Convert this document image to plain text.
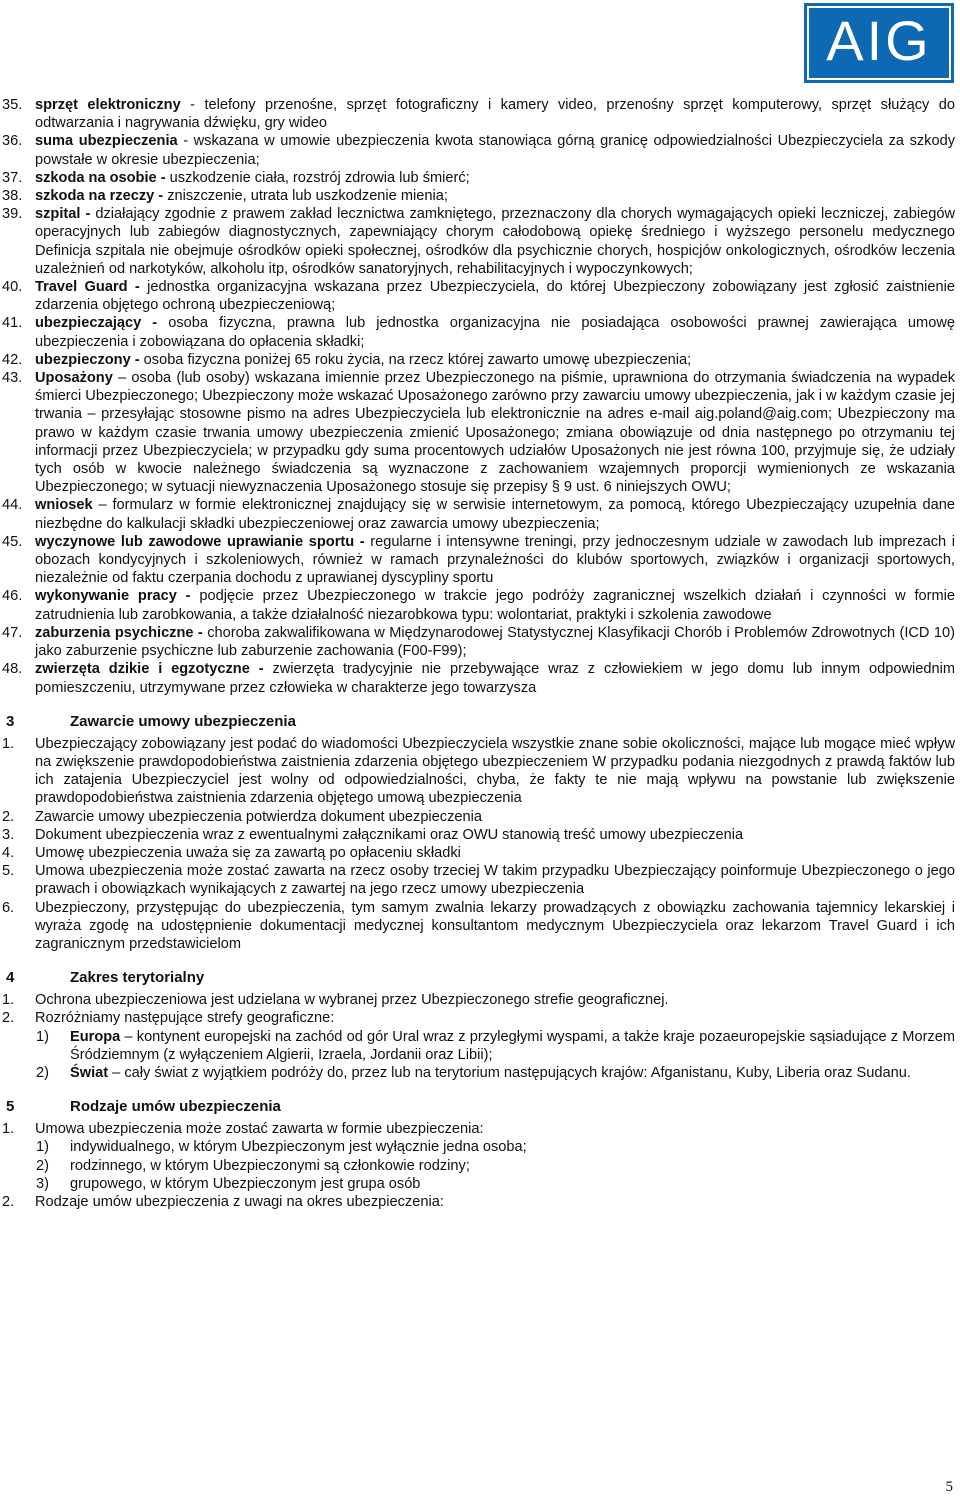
AIG
35. sprzęt elektroniczny - telefony przenośne, sprzęt fotograficzny i kamery video, przenośny sprzęt komputerowy, sprzęt służący do odtwarzania i nagrywania dźwięku, gry wideo
36. suma ubezpieczenia - wskazana w umowie ubezpieczenia kwota stanowiąca górną granicę odpowiedzialności Ubezpieczyciela za szkody powstałe w okresie ubezpieczenia;
37. szkoda na osobie - uszkodzenie ciała, rozstrój zdrowia lub śmierć;
38. szkoda na rzeczy - zniszczenie, utrata lub uszkodzenie mienia;
39. szpital - działający zgodnie z prawem zakład lecznictwa zamkniętego, przeznaczony dla chorych wymagających opieki leczniczej, zabiegów operacyjnych lub zabiegów diagnostycznych, zapewniający chorym całodobową opiekę średniego i wyższego personelu medycznego Definicja szpitala nie obejmuje ośrodków opieki społecznej, ośrodków dla psychicznie chorych, hospicjów onkologicznych, ośrodków leczenia uzależnień od narkotyków, alkoholu itp, ośrodków sanatoryjnych, rehabilitacyjnych i wypoczynkowych;
40. Travel Guard - jednostka organizacyjna wskazana przez Ubezpieczyciela, do której Ubezpieczony zobowiązany jest zgłosić zaistnienie zdarzenia objętego ochroną ubezpieczeniową;
41. ubezpieczający - osoba fizyczna, prawna lub jednostka organizacyjna nie posiadająca osobowości prawnej zawierająca umowę ubezpieczenia i zobowiązana do opłacenia składki;
42. ubezpieczony - osoba fizyczna poniżej 65 roku życia, na rzecz której zawarto umowę ubezpieczenia;
43. Uposażony – osoba (lub osoby) wskazana imiennie przez Ubezpieczonego na piśmie, uprawniona do otrzymania świadczenia na wypadek śmierci Ubezpieczonego; Ubezpieczony może wskazać Uposażonego zarówno przy zawarciu umowy ubezpieczenia, jak i w każdym czasie jej trwania – przesyłając stosowne pismo na adres Ubezpieczyciela lub elektronicznie na adres e-mail aig.poland@aig.com; Ubezpieczony ma prawo w każdym czasie trwania umowy ubezpieczenia zmienić Uposażonego; zmiana obowiązuje od dnia następnego po otrzymaniu tej informacji przez Ubezpieczyciela; w przypadku gdy suma procentowych udziałów Uposażonych nie jest równa 100, przyjmuje się, że udziały tych osób w kwocie należnego świadczenia są wyznaczone z zachowaniem wzajemnych proporcji wymienionych ze wskazania Ubezpieczonego; w sytuacji niewyznaczenia Uposażonego stosuje się przepisy § 9 ust. 6 niniejszych OWU;
44. wniosek – formularz w formie elektronicznej znajdujący się w serwisie internetowym, za pomocą, którego Ubezpieczający uzupełnia dane niezbędne do kalkulacji składki ubezpieczeniowej oraz zawarcia umowy ubezpieczenia;
45. wyczynowe lub zawodowe uprawianie sportu - regularne i intensywne treningi, przy jednoczesnym udziale w zawodach lub imprezach i obozach kondycyjnych i szkoleniowych, również w ramach przynależności do klubów sportowych, związków i organizacji sportowych, niezależnie od faktu czerpania dochodu z uprawianej dyscypliny sportu
46. wykonywanie pracy - podjęcie przez Ubezpieczonego w trakcie jego podróży zagranicznej wszelkich działań i czynności w formie zatrudnienia lub zarobkowania, a także działalność niezarobkowa typu: wolontariat, praktyki i szkolenia zawodowe
47. zaburzenia psychiczne - choroba zakwalifikowana w Międzynarodowej Statystycznej Klasyfikacji Chorób i Problemów Zdrowotnych (ICD 10) jako zaburzenie psychiczne lub zaburzenie zachowania (F00-F99);
48. zwierzęta dzikie i egzotyczne - zwierzęta tradycyjnie nie przebywające wraz z człowiekiem w jego domu lub innym odpowiednim pomieszczeniu, utrzymywane przez człowieka w charakterze jego towarzysza
3	Zawarcie umowy ubezpieczenia
1. Ubezpieczający zobowiązany jest podać do wiadomości Ubezpieczyciela wszystkie znane sobie okoliczności, mające lub mogące mieć wpływ na zwiększenie prawdopodobieństwa zaistnienia zdarzenia objętego ubezpieczeniem W przypadku podania niezgodnych z prawdą faktów lub ich zatajenia Ubezpieczyciel jest wolny od odpowiedzialności, chyba, że fakty te nie mają wpływu na powstanie lub zwiększenie prawdopodobieństwa zaistnienia zdarzenia objętego umową ubezpieczenia
2. Zawarcie umowy ubezpieczenia potwierdza dokument ubezpieczenia
3. Dokument ubezpieczenia wraz z ewentualnymi załącznikami oraz OWU stanowią treść umowy ubezpieczenia
4. Umowę ubezpieczenia uważa się za zawartą po opłaceniu składki
5. Umowa ubezpieczenia może zostać zawarta na rzecz osoby trzeciej W takim przypadku Ubezpieczający poinformuje Ubezpieczonego o jego prawach i obowiązkach wynikających z zawartej na jego rzecz umowy ubezpieczenia
6. Ubezpieczony, przystępując do ubezpieczenia, tym samym zwalnia lekarzy prowadzących z obowiązku zachowania tajemnicy lekarskiej i wyraża zgodę na udostępnienie dokumentacji medycznej konsultantom medycznym Ubezpieczyciela oraz lekarzom Travel Guard i ich zagranicznym przedstawicielom
4	Zakres terytorialny
1. Ochrona ubezpieczeniowa jest udzielana w wybranej przez Ubezpieczonego strefie geograficznej.
2. Rozróżniamy następujące strefy geograficzne:
1) Europa – kontynent europejski na zachód od gór Ural wraz z przyległymi wyspami, a także kraje pozaeuropejskie sąsiadujące z Morzem Śródziemnym (z wyłączeniem Algierii, Izraela, Jordanii oraz Libii);
2) Świat – cały świat z wyjątkiem podróży do, przez lub na terytorium następujących krajów: Afganistanu, Kuby, Liberia oraz Sudanu.
5	Rodzaje umów ubezpieczenia
1. Umowa ubezpieczenia może zostać zawarta w formie ubezpieczenia:
1) indywidualnego, w którym Ubezpieczonym jest wyłącznie jedna osoba;
2) rodzinnego, w którym Ubezpieczonymi są członkowie rodziny;
3) grupowego, w którym Ubezpieczonym jest grupa osób
2. Rodzaje umów ubezpieczenia z uwagi na okres ubezpieczenia:
5
